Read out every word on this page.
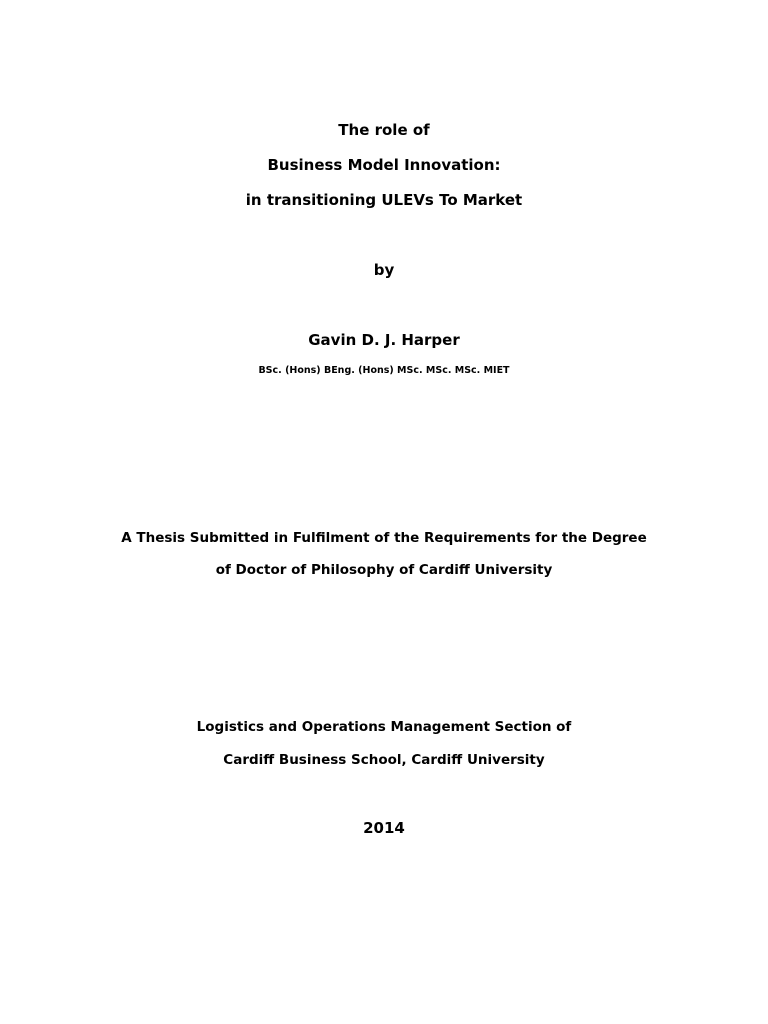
The role of
Business Model Innovation:
in transitioning ULEVs To Market
by
Gavin D. J. Harper
BSc. (Hons) BEng. (Hons) MSc. MSc. MSc. MIET
A Thesis Submitted in Fulfilment of the Requirements for the Degree
of Doctor of Philosophy of Cardiff University
Logistics and Operations Management Section of
Cardiff Business School, Cardiff University
2014
